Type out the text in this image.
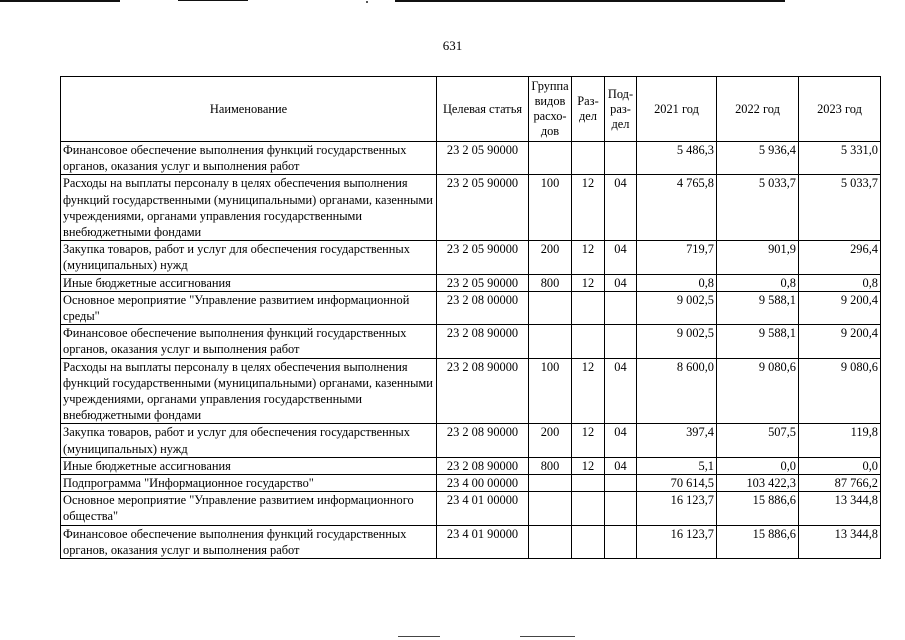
631
Наименование	Целевая статья	Группа видов расхо-дов	Раз-дел	Под-раз-дел	2021 год	2022 год	2023 год
Финансовое обеспечение выполнения функций государственных органов, оказания услуг и выполнения работ	23 2 05 90000				5 486,3	5 936,4	5 331,0
Расходы на выплаты персоналу в целях обеспечения выполнения функций государственными (муниципальными) органами, казенными учреждениями, органами управления государственными внебюджетными фондами	23 2 05 90000	100	12	04	4 765,8	5 033,7	5 033,7
Закупка товаров, работ и услуг для обеспечения государственных (муниципальных) нужд	23 2 05 90000	200	12	04	719,7	901,9	296,4
Иные бюджетные ассигнования	23 2 05 90000	800	12	04	0,8	0,8	0,8
Основное мероприятие "Управление развитием информационной среды"	23 2 08 00000				9 002,5	9 588,1	9 200,4
Финансовое обеспечение выполнения функций государственных органов, оказания услуг и выполнения работ	23 2 08 90000				9 002,5	9 588,1	9 200,4
Расходы на выплаты персоналу в целях обеспечения выполнения функций государственными (муниципальными) органами, казенными учреждениями, органами управления государственными внебюджетными фондами	23 2 08 90000	100	12	04	8 600,0	9 080,6	9 080,6
Закупка товаров, работ и услуг для обеспечения государственных (муниципальных) нужд	23 2 08 90000	200	12	04	397,4	507,5	119,8
Иные бюджетные ассигнования	23 2 08 90000	800	12	04	5,1	0,0	0,0
Подпрограмма "Информационное государство"	23 4 00 00000				70 614,5	103 422,3	87 766,2
Основное мероприятие "Управление развитием информационного общества"	23 4 01 00000				16 123,7	15 886,6	13 344,8
Финансовое обеспечение выполнения функций государственных органов, оказания услуг и выполнения работ	23 4 01 90000				16 123,7	15 886,6	13 344,8
